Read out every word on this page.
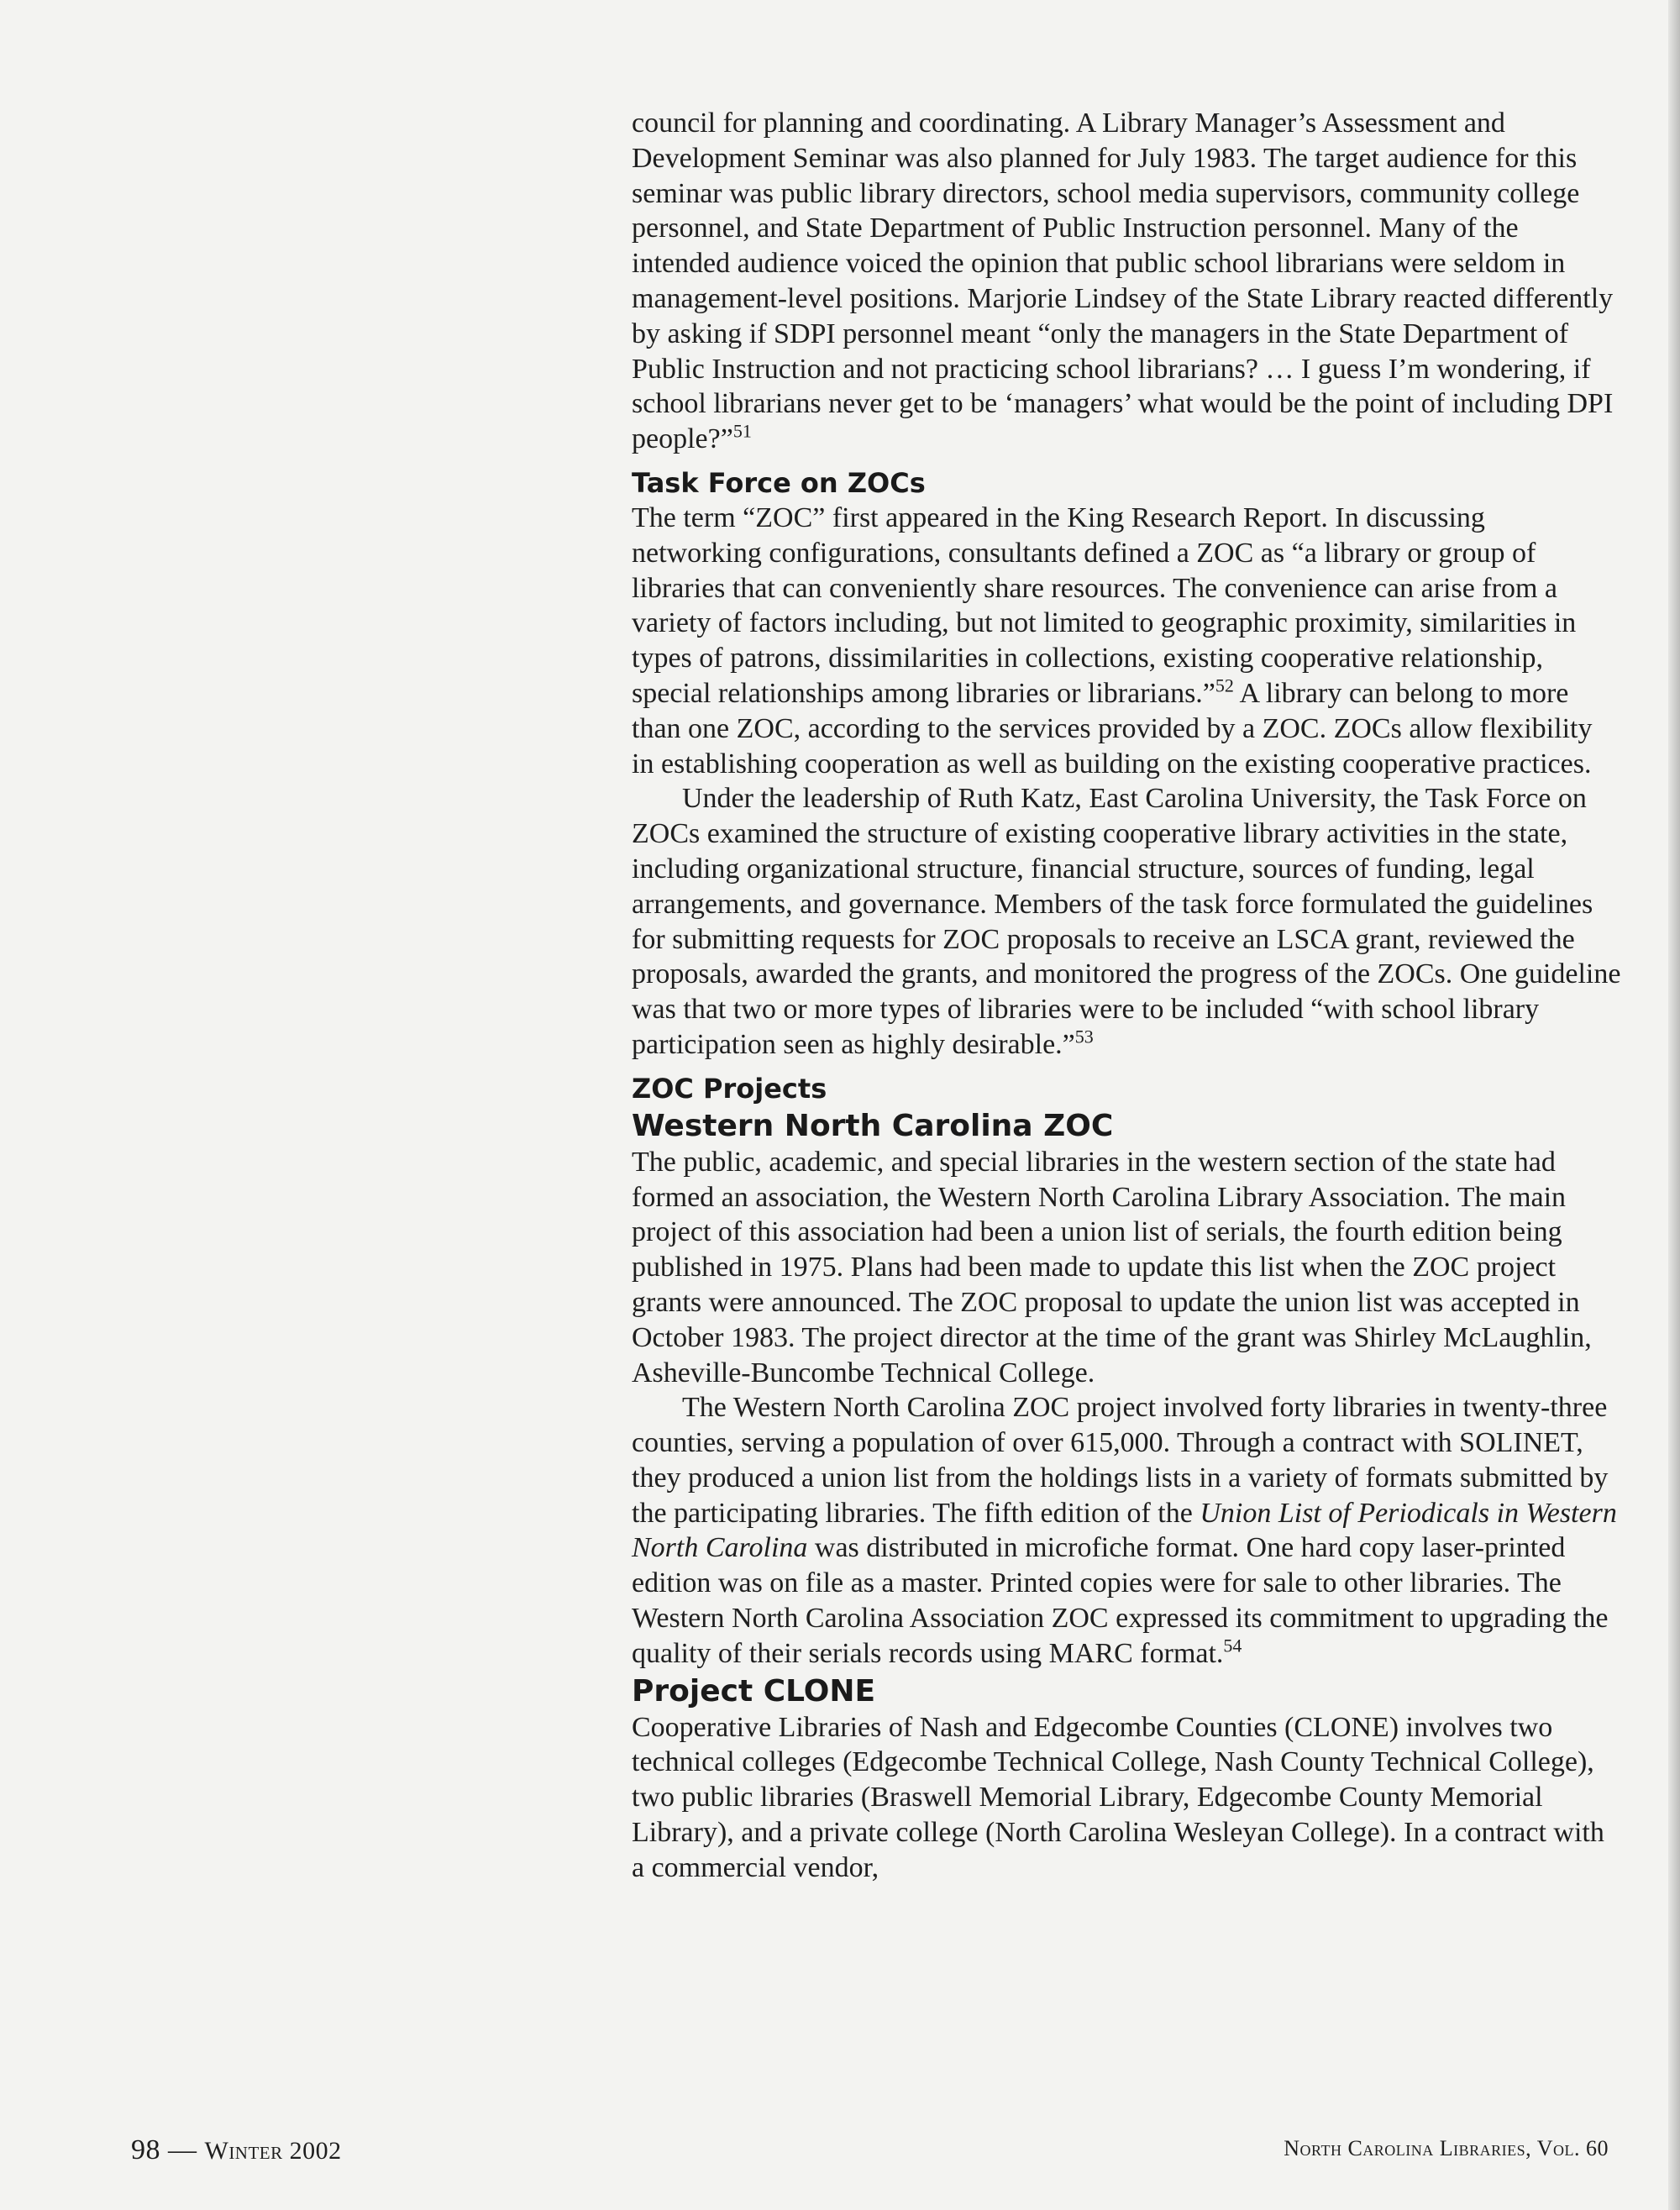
council for planning and coordinating. A Library Manager’s Assessment and Development Seminar was also planned for July 1983. The target audience for this seminar was public library directors, school media supervisors, community college personnel, and State Department of Public Instruction personnel. Many of the intended audience voiced the opinion that public school librarians were seldom in management-level positions. Marjorie Lindsey of the State Library reacted differently by asking if SDPI personnel meant “only the managers in the State Department of Public Instruction and not practicing school librarians? … I guess I’m wondering, if school librarians never get to be ‘managers’ what would be the point of including DPI people?”$^{51}$

Task Force on ZOCs

The term “ZOC” first appeared in the King Research Report. In discussing networking configurations, consultants defined a ZOC as “a library or group of libraries that can conveniently share resources. The convenience can arise from a variety of factors including, but not limited to geographic proximity, similarities in types of patrons, dissimilarities in collections, existing cooperative relationship, special relationships among libraries or librarians.”$^{52}$ A library can belong to more than one ZOC, according to the services provided by a ZOC. ZOCs allow flexibility in establishing cooperation as well as building on the existing cooperative practices.

Under the leadership of Ruth Katz, East Carolina University, the Task Force on ZOCs examined the structure of existing cooperative library activities in the state, including organizational structure, financial structure, sources of funding, legal arrangements, and governance. Members of the task force formulated the guidelines for submitting requests for ZOC proposals to receive an LSCA grant, reviewed the proposals, awarded the grants, and monitored the progress of the ZOCs. One guideline was that two or more types of libraries were to be included “with school library participation seen as highly desirable.”$^{53}$

ZOC Projects
Western North Carolina ZOC

The public, academic, and special libraries in the western section of the state had formed an association, the Western North Carolina Library Association. The main project of this association had been a union list of serials, the fourth edition being published in 1975. Plans had been made to update this list when the ZOC project grants were announced. The ZOC proposal to update the union list was accepted in October 1983. The project director at the time of the grant was Shirley McLaughlin, Asheville-Buncombe Technical College.

The Western North Carolina ZOC project involved forty libraries in twenty-three counties, serving a population of over 615,000. Through a contract with SOLINET, they produced a union list from the holdings lists in a variety of formats submitted by the participating libraries. The fifth edition of the Union List of Periodicals in Western North Carolina was distributed in microfiche format. One hard copy laser-printed edition was on file as a master. Printed copies were for sale to other libraries. The Western North Carolina Association ZOC expressed its commitment to upgrading the quality of their serials records using MARC format.$^{54}$

Project CLONE

Cooperative Libraries of Nash and Edgecombe Counties (CLONE) involves two technical colleges (Edgecombe Technical College, Nash County Technical College), two public libraries (Braswell Memorial Library, Edgecombe County Memorial Library), and a private college (North Carolina Wesleyan College). In a contract with a commercial vendor,

98 — Winter 2002	North Carolina Libraries, Vol. 60
